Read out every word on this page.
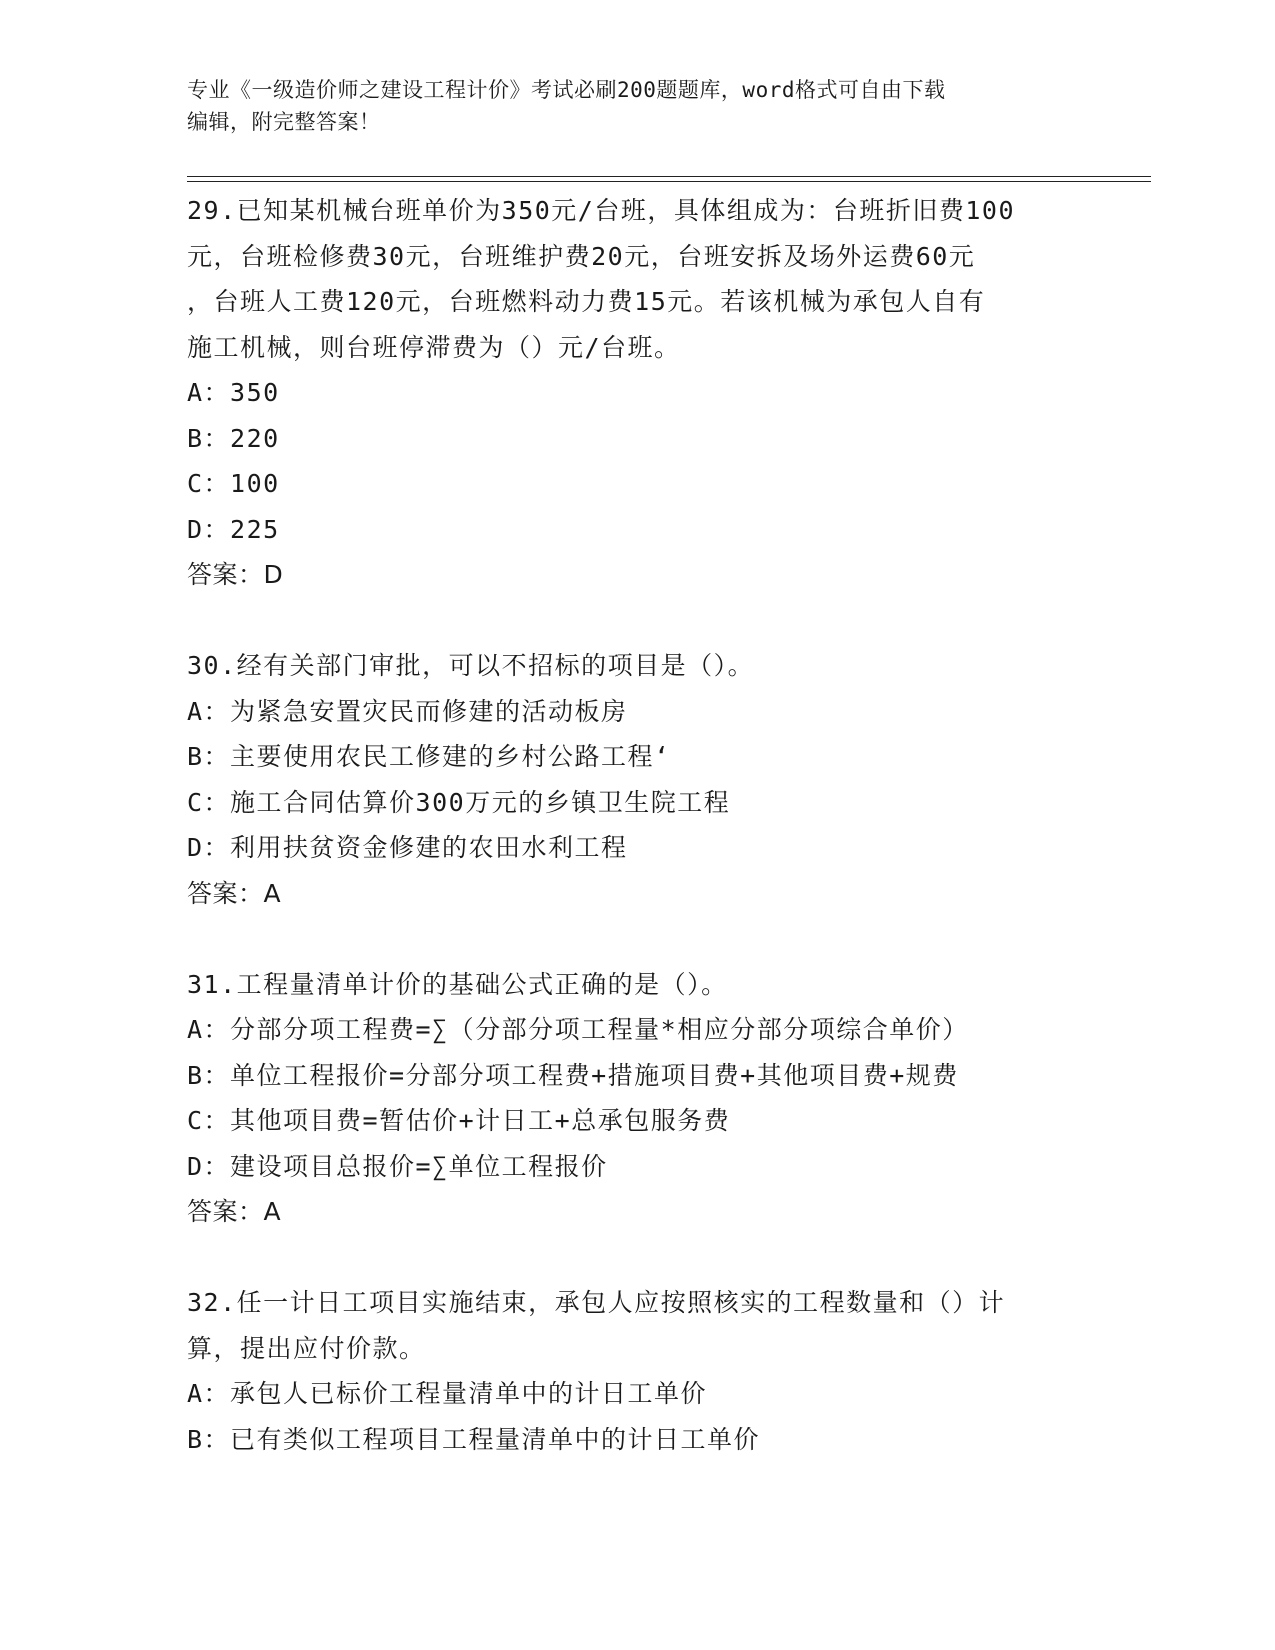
专业《一级造价师之建设工程计价》考试必刷200题题库，word格式可自由下载
编辑，附完整答案！
29.已知某机械台班单价为350元/台班，具体组成为：台班折旧费100
元，台班检修费30元，台班维护费20元，台班安拆及场外运费60元
，台班人工费120元，台班燃料动力费15元。若该机械为承包人自有
施工机械，则台班停滞费为（）元/台班。
A：350
B：220
C：100
D：225
答案：D
30.经有关部门审批，可以不招标的项目是（）。
A：为紧急安置灾民而修建的活动板房
B：主要使用农民工修建的乡村公路工程‘
C：施工合同估算价300万元的乡镇卫生院工程
D：利用扶贫资金修建的农田水利工程
答案：A
31.工程量清单计价的基础公式正确的是（）。
A：分部分项工程费=∑（分部分项工程量*相应分部分项综合单价）
B：单位工程报价=分部分项工程费+措施项目费+其他项目费+规费
C：其他项目费=暂估价+计日工+总承包服务费
D：建设项目总报价=∑单位工程报价
答案：A
32.任一计日工项目实施结束，承包人应按照核实的工程数量和（）计
算，提出应付价款。
A：承包人已标价工程量清单中的计日工单价
B：已有类似工程项目工程量清单中的计日工单价
